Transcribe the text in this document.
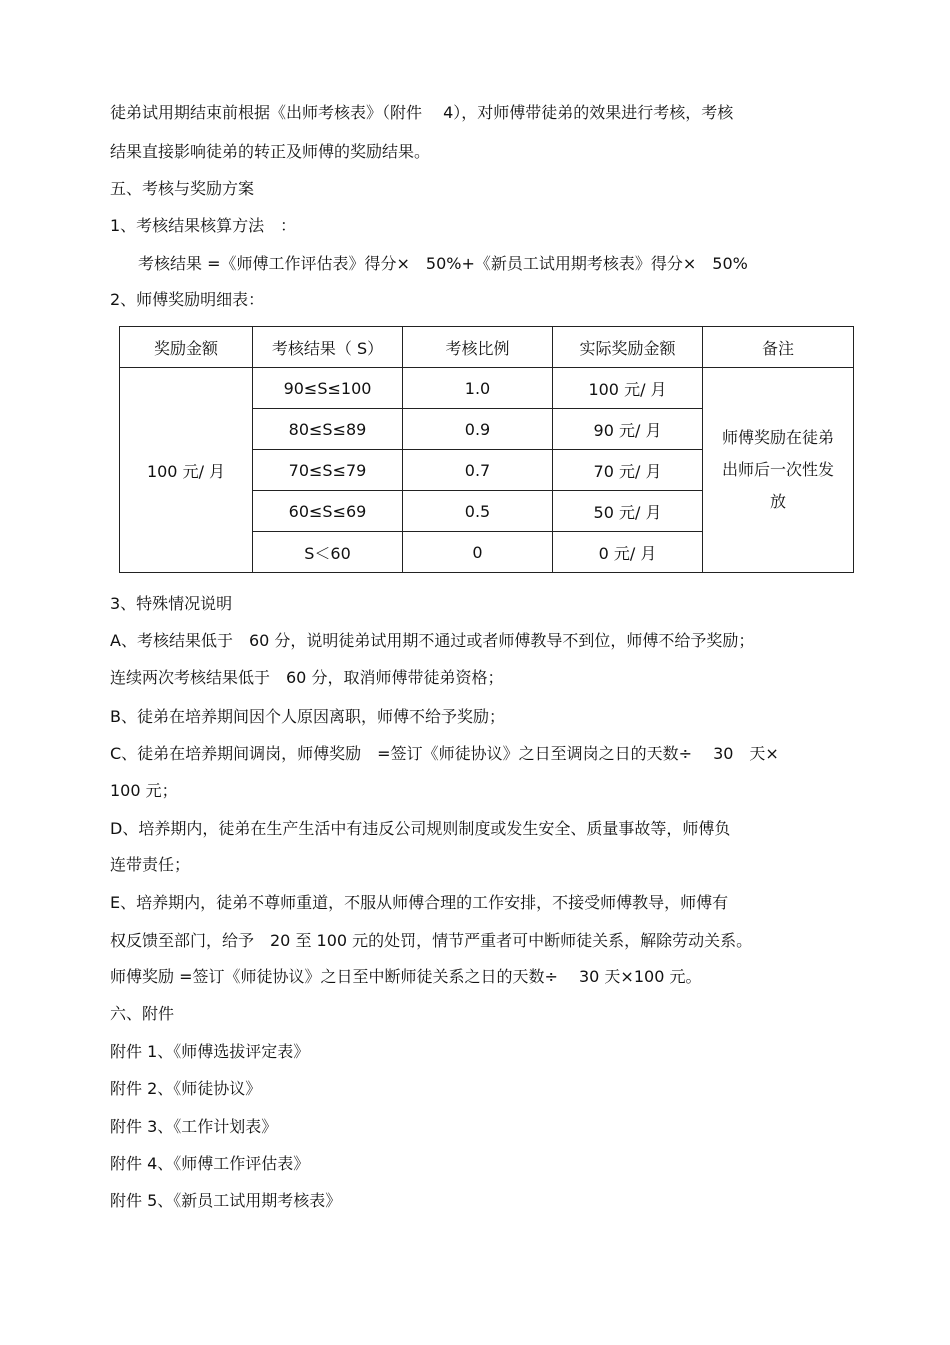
徒弟试用期结束前根据《出师考核表》（附件　 4），对师傅带徒弟的效果进行考核，考核
结果直接影响徒弟的转正及师傅的奖励结果。
五、考核与奖励方案
1、考核结果核算方法　：
考核结果 =《师傅工作评估表》得分×　50%+《新员工试用期考核表》得分×　50%
2、师傅奖励明细表：
奖励金额	考核结果（ S）	考核比例	实际奖励金额	备注
100 元/ 月	90≤S≤100	1.0	100 元/ 月	师傅奖励在徒弟出师后一次性发放

	80≤S≤89	0.9	90 元/ 月	
	70≤S≤79	0.7	70 元/ 月	
	60≤S≤69	0.5	50 元/ 月	
	S＜60	0	0 元/ 月	
3、特殊情况说明
A、考核结果低于　60 分，说明徒弟试用期不通过或者师傅教导不到位，师傅不给予奖励；
连续两次考核结果低于　60 分，取消师傅带徒弟资格；
B、徒弟在培养期间因个人原因离职，师傅不给予奖励；
C、徒弟在培养期间调岗，师傅奖励　=签订《师徒协议》之日至调岗之日的天数÷　 30　天×
100 元；
D、培养期内，徒弟在生产生活中有违反公司规则制度或发生安全、质量事故等，师傅负
连带责任；
E、培养期内，徒弟不尊师重道，不服从师傅合理的工作安排，不接受师傅教导，师傅有
权反馈至部门，给予　20 至 100 元的处罚，情节严重者可中断师徒关系，解除劳动关系。
师傅奖励 =签订《师徒协议》之日至中断师徒关系之日的天数÷　 30 天×100 元。
六、附件
附件 1、《师傅选拔评定表》
附件 2、《师徒协议》
附件 3、《工作计划表》
附件 4、《师傅工作评估表》
附件 5、《新员工试用期考核表》
